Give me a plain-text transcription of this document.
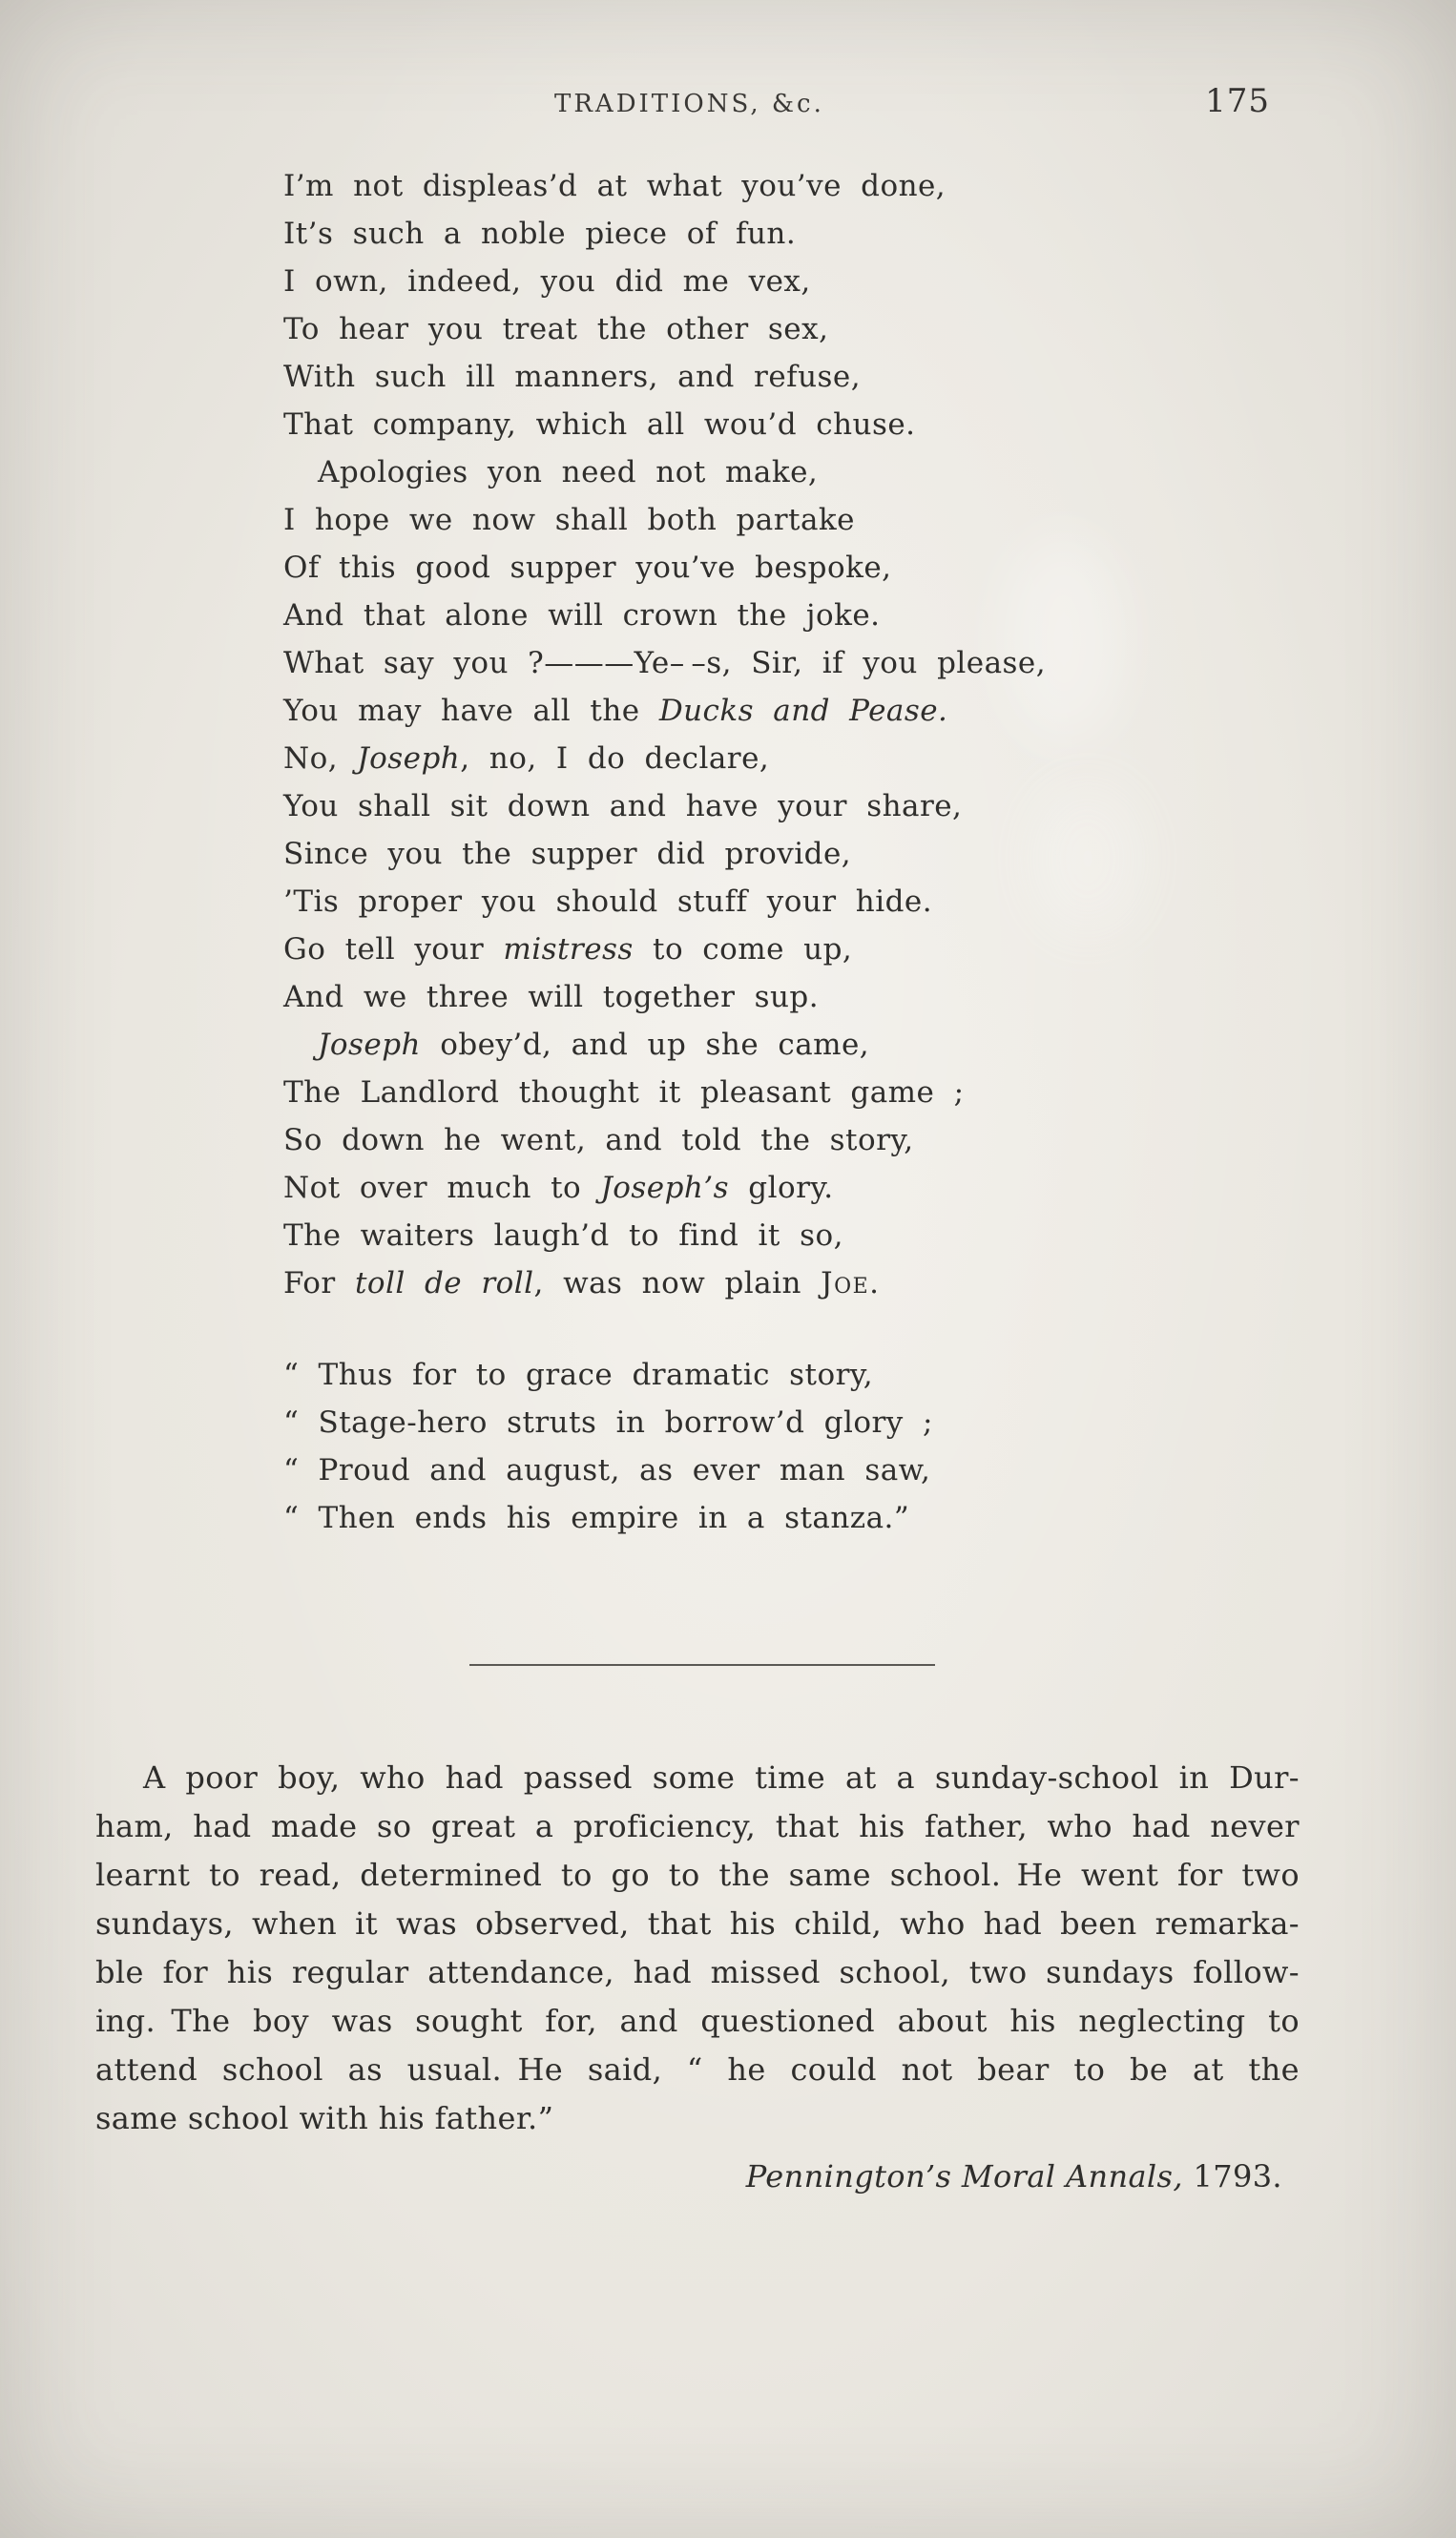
TRADITIONS, &c.	175
I’m not displeas’d at what you’ve done,
It’s such a noble piece of fun.
I own, indeed, you did me vex,
To hear you treat the other sex,
With such ill manners, and refuse,
That company, which all wou’d chuse.
Apologies yon need not make,
I hope we now shall both partake
Of this good supper you’ve bespoke,
And that alone will crown the joke.
What say you ?———Ye– –s, Sir, if you please,
You may have all the Ducks and Pease.
No, Joseph, no, I do declare,
You shall sit down and have your share,
Since you the supper did provide,
’Tis proper you should stuff your hide.
Go tell your mistress to come up,
And we three will together sup.
Joseph obey’d, and up she came,
The Landlord thought it pleasant game ;
So down he went, and told the story,
Not over much to Joseph’s glory.
The waiters laugh’d to find it so,
For toll de roll, was now plain Joe.
“ Thus for to grace dramatic story,
“ Stage-hero struts in borrow’d glory ;
“ Proud and august, as ever man saw,
“ Then ends his empire in a stanza.”
A poor boy, who had passed some time at a sunday-school in Dur-
ham, had made so great a proficiency, that his father, who had never
learnt to read, determined to go to the same school. He went for two
sundays, when it was observed, that his child, who had been remarka-
ble for his regular attendance, had missed school, two sundays follow-
ing. The boy was sought for, and questioned about his neglecting to
attend school as usual. He said, “ he could not bear to be at the
same school with his father.”
Pennington’s Moral Annals, 1793.
